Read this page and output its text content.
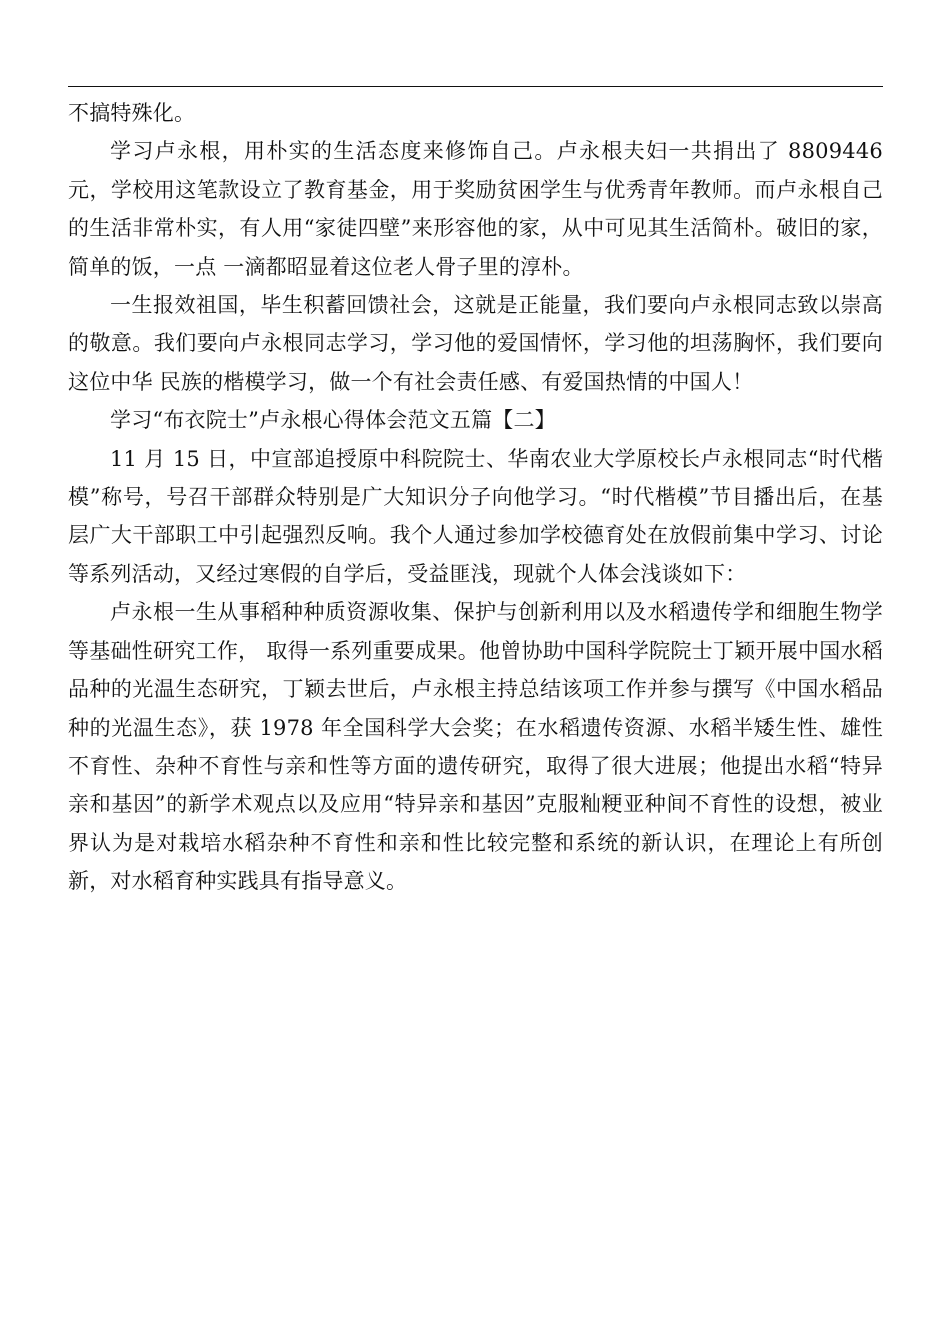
不搞特殊化。

学习卢永根，用朴实的生活态度来修饰自己。卢永根夫妇一共捐出了 8809446 元，学校用这笔款设立了教育基金，用于奖励贫困学生与优秀青年教师。而卢永根自己的生活非常朴实，有人用“家徒四壁”来形容他的家，从中可见其生活简朴。破旧的家，简单的饭，一点 一滴都昭显着这位老人骨子里的淳朴。

一生报效祖国，毕生积蓄回馈社会，这就是正能量，我们要向卢永根同志致以崇高的敬意。我们要向卢永根同志学习，学习他的爱国情怀，学习他的坦荡胸怀，我们要向这位中华 民族的楷模学习，做一个有社会责任感、有爱国热情的中国人！

学习“布衣院士”卢永根心得体会范文五篇【二】

11 月 15 日，中宣部追授原中科院院士、华南农业大学原校长卢永根同志“时代楷模”称号，号召干部群众特别是广大知识分子向他学习。“时代楷模”节目播出后，在基层广大干部职工中引起强烈反响。我个人通过参加学校德育处在放假前集中学习、讨论等系列活动，又经过寒假的自学后，受益匪浅，现就个人体会浅谈如下：

卢永根一生从事稻种种质资源收集、保护与创新利用以及水稻遗传学和细胞生物学等基础性研究工作， 取得一系列重要成果。他曾协助中国科学院院士丁颖开展中国水稻品种的光温生态研究，丁颖去世后，卢永根主持总结该项工作并参与撰写《中国水稻品种的光温生态》，获 1978 年全国科学大会奖；在水稻遗传资源、水稻半矮生性、雄性不育性、杂种不育性与亲和性等方面的遗传研究，取得了很大进展；他提出水稻“特异亲和基因”的新学术观点以及应用“特异亲和基因”克服籼粳亚种间不育性的设想，被业界认为是对栽培水稻杂种不育性和亲和性比较完整和系统的新认识，在理论上有所创新，对水稻育种实践具有指导意义。
